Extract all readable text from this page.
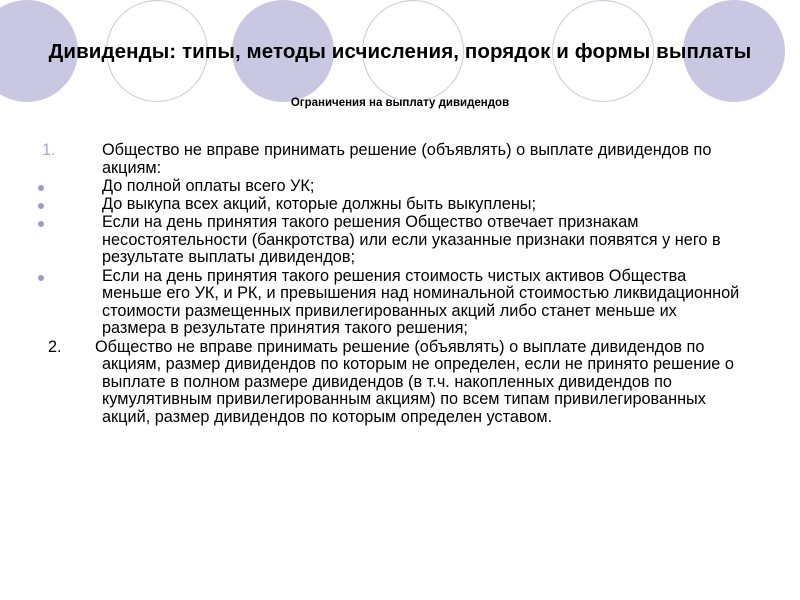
Дивиденды: типы, методы исчисления, порядок и формы выплаты
Ограничения на выплату дивидендов
1.	Общество не вправе принимать решение (объявлять) о выплате дивидендов по акциям:
До полной оплаты всего УК;
До выкупа всех акций, которые должны быть выкуплены;
Если на день принятия такого решения Общество отвечает признакам несостоятельности (банкротства) или если указанные признаки появятся у него в результате выплаты дивидендов;
Если на день принятия такого решения стоимость чистых активов Общества меньше его УК, и РК, и превышения над номинальной стоимостью ликвидационной стоимости размещенных привилегированных акций либо станет меньше их размера в результате принятия такого решения;
2. Общество не вправе принимать решение (объявлять) о выплате дивидендов по акциям, размер дивидендов по которым не определен, если не принято решение о выплате в полном размере дивидендов (в т.ч. накопленных дивидендов по кумулятивным привилегированным акциям) по всем типам привилегированных акций, размер дивидендов по которым определен уставом.
